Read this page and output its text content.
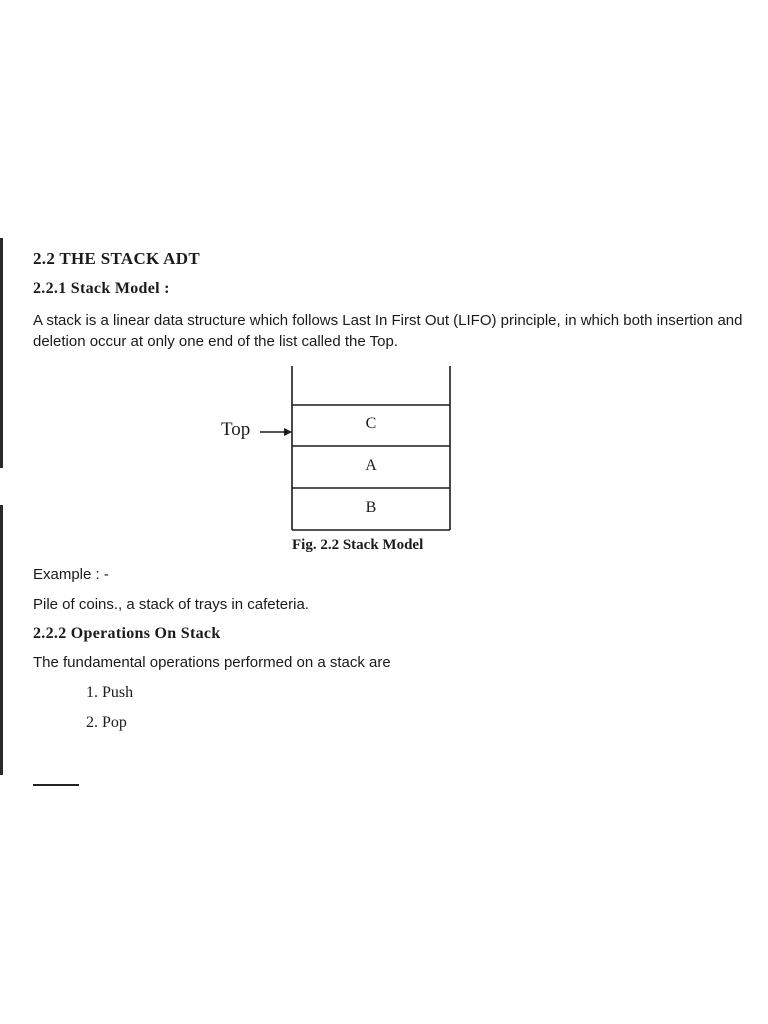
2.2 THE STACK ADT
2.2.1 Stack Model :
A stack is a linear data structure which follows Last In First Out (LIFO) principle, in which both insertion and deletion occur at only one end of the list called the Top.
C
A
B
Top
Fig. 2.2 Stack Model
Example : -
Pile of coins., a stack of trays in cafeteria.
2.2.2 Operations On Stack
The fundamental operations performed on a stack are
1. Push
2. Pop
